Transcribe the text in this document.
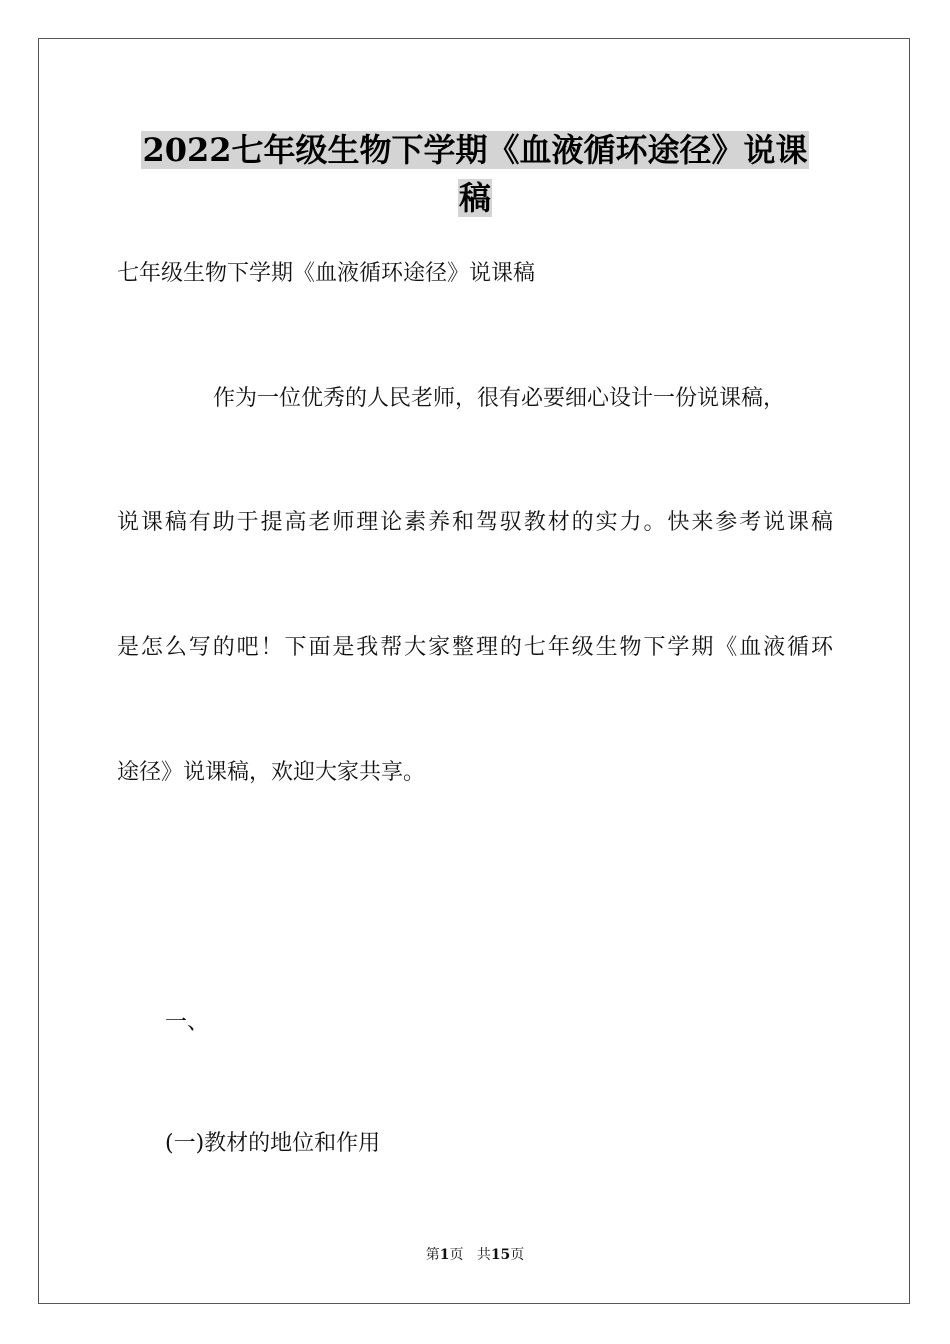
2022七年级生物下学期《血液循环途径》说课
稿
七年级生物下学期《血液循环途径》说课稿
作为一位优秀的人民老师，很有必要细心设计一份说课稿，
说课稿有助于提高老师理论素养和驾驭教材的实力。快来参考说课稿
是怎么写的吧！下面是我帮大家整理的七年级生物下学期《血液循环
途径》说课稿，欢迎大家共享。
一、
(一)教材的地位和作用
第1页 共15页
